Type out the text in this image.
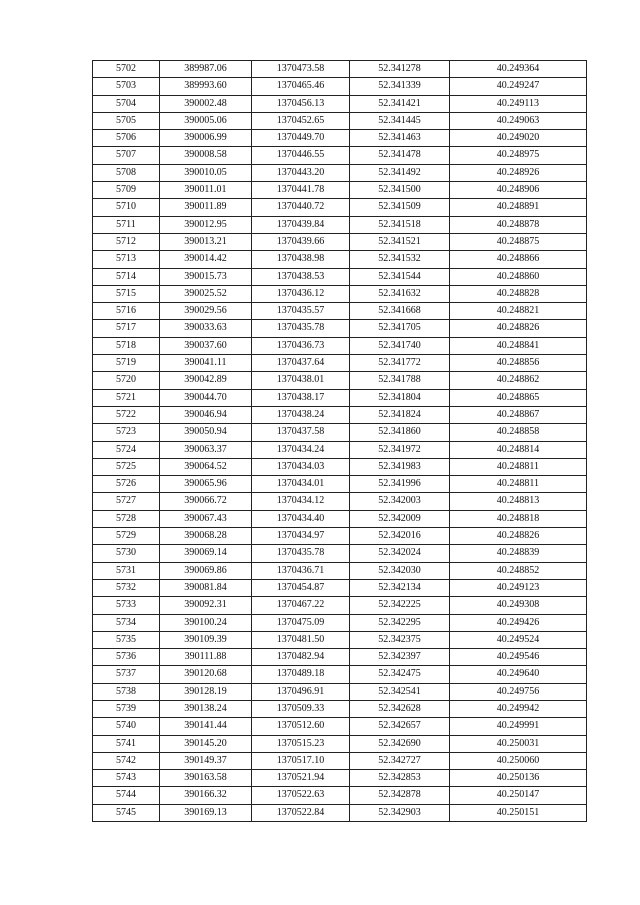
5702	389987.06	1370473.58	52.341278	40.249364
5703	389993.60	1370465.46	52.341339	40.249247
5704	390002.48	1370456.13	52.341421	40.249113
5705	390005.06	1370452.65	52.341445	40.249063
5706	390006.99	1370449.70	52.341463	40.249020
5707	390008.58	1370446.55	52.341478	40.248975
5708	390010.05	1370443.20	52.341492	40.248926
5709	390011.01	1370441.78	52.341500	40.248906
5710	390011.89	1370440.72	52.341509	40.248891
5711	390012.95	1370439.84	52.341518	40.248878
5712	390013.21	1370439.66	52.341521	40.248875
5713	390014.42	1370438.98	52.341532	40.248866
5714	390015.73	1370438.53	52.341544	40.248860
5715	390025.52	1370436.12	52.341632	40.248828
5716	390029.56	1370435.57	52.341668	40.248821
5717	390033.63	1370435.78	52.341705	40.248826
5718	390037.60	1370436.73	52.341740	40.248841
5719	390041.11	1370437.64	52.341772	40.248856
5720	390042.89	1370438.01	52.341788	40.248862
5721	390044.70	1370438.17	52.341804	40.248865
5722	390046.94	1370438.24	52.341824	40.248867
5723	390050.94	1370437.58	52.341860	40.248858
5724	390063.37	1370434.24	52.341972	40.248814
5725	390064.52	1370434.03	52.341983	40.248811
5726	390065.96	1370434.01	52.341996	40.248811
5727	390066.72	1370434.12	52.342003	40.248813
5728	390067.43	1370434.40	52.342009	40.248818
5729	390068.28	1370434.97	52.342016	40.248826
5730	390069.14	1370435.78	52.342024	40.248839
5731	390069.86	1370436.71	52.342030	40.248852
5732	390081.84	1370454.87	52.342134	40.249123
5733	390092.31	1370467.22	52.342225	40.249308
5734	390100.24	1370475.09	52.342295	40.249426
5735	390109.39	1370481.50	52.342375	40.249524
5736	390111.88	1370482.94	52.342397	40.249546
5737	390120.68	1370489.18	52.342475	40.249640
5738	390128.19	1370496.91	52.342541	40.249756
5739	390138.24	1370509.33	52.342628	40.249942
5740	390141.44	1370512.60	52.342657	40.249991
5741	390145.20	1370515.23	52.342690	40.250031
5742	390149.37	1370517.10	52.342727	40.250060
5743	390163.58	1370521.94	52.342853	40.250136
5744	390166.32	1370522.63	52.342878	40.250147
5745	390169.13	1370522.84	52.342903	40.250151
